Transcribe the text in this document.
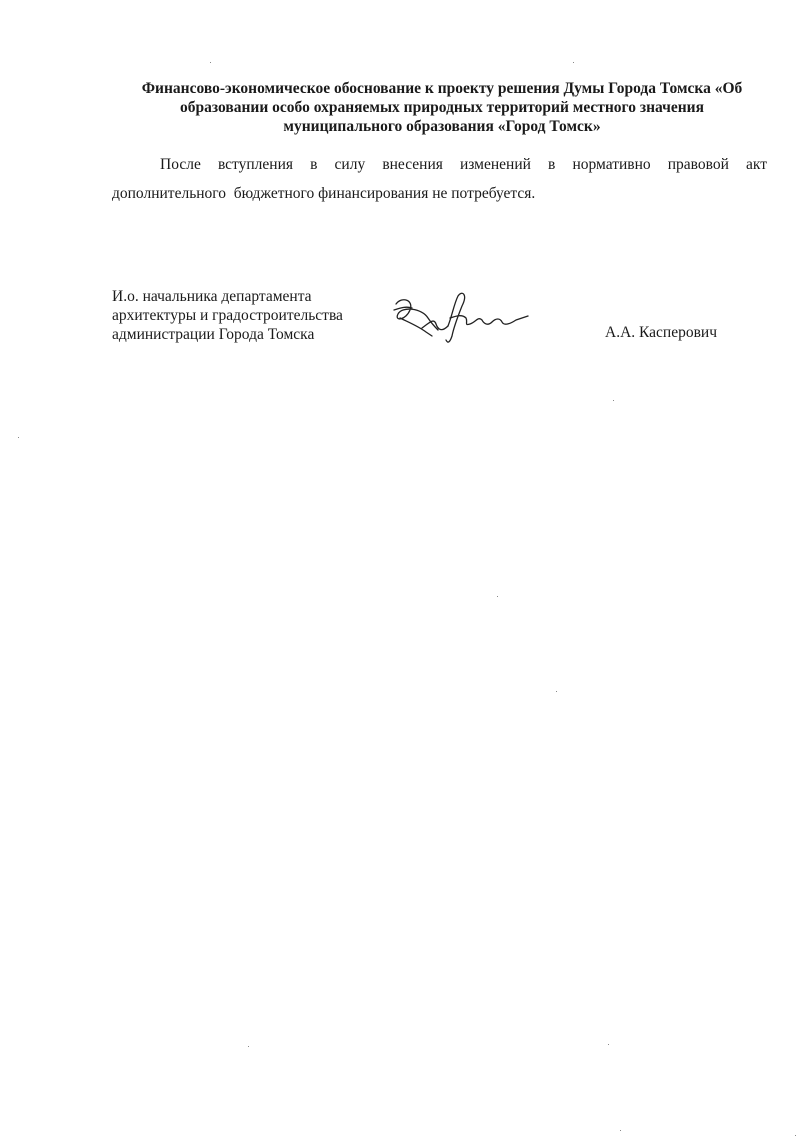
Финансово-экономическое обоснование к проекту решения Думы Города Томска «Об
образовании особо охраняемых природных территорий местного значения
муниципального образования «Город Томск»
После вступления в силу внесения изменений в нормативно правовой акт
дополнительного  бюджетного финансирования не потребуется.
И.о. начальника департамента
архитектуры и градостроительства
администрации Города Томска	А.А. Касперович
